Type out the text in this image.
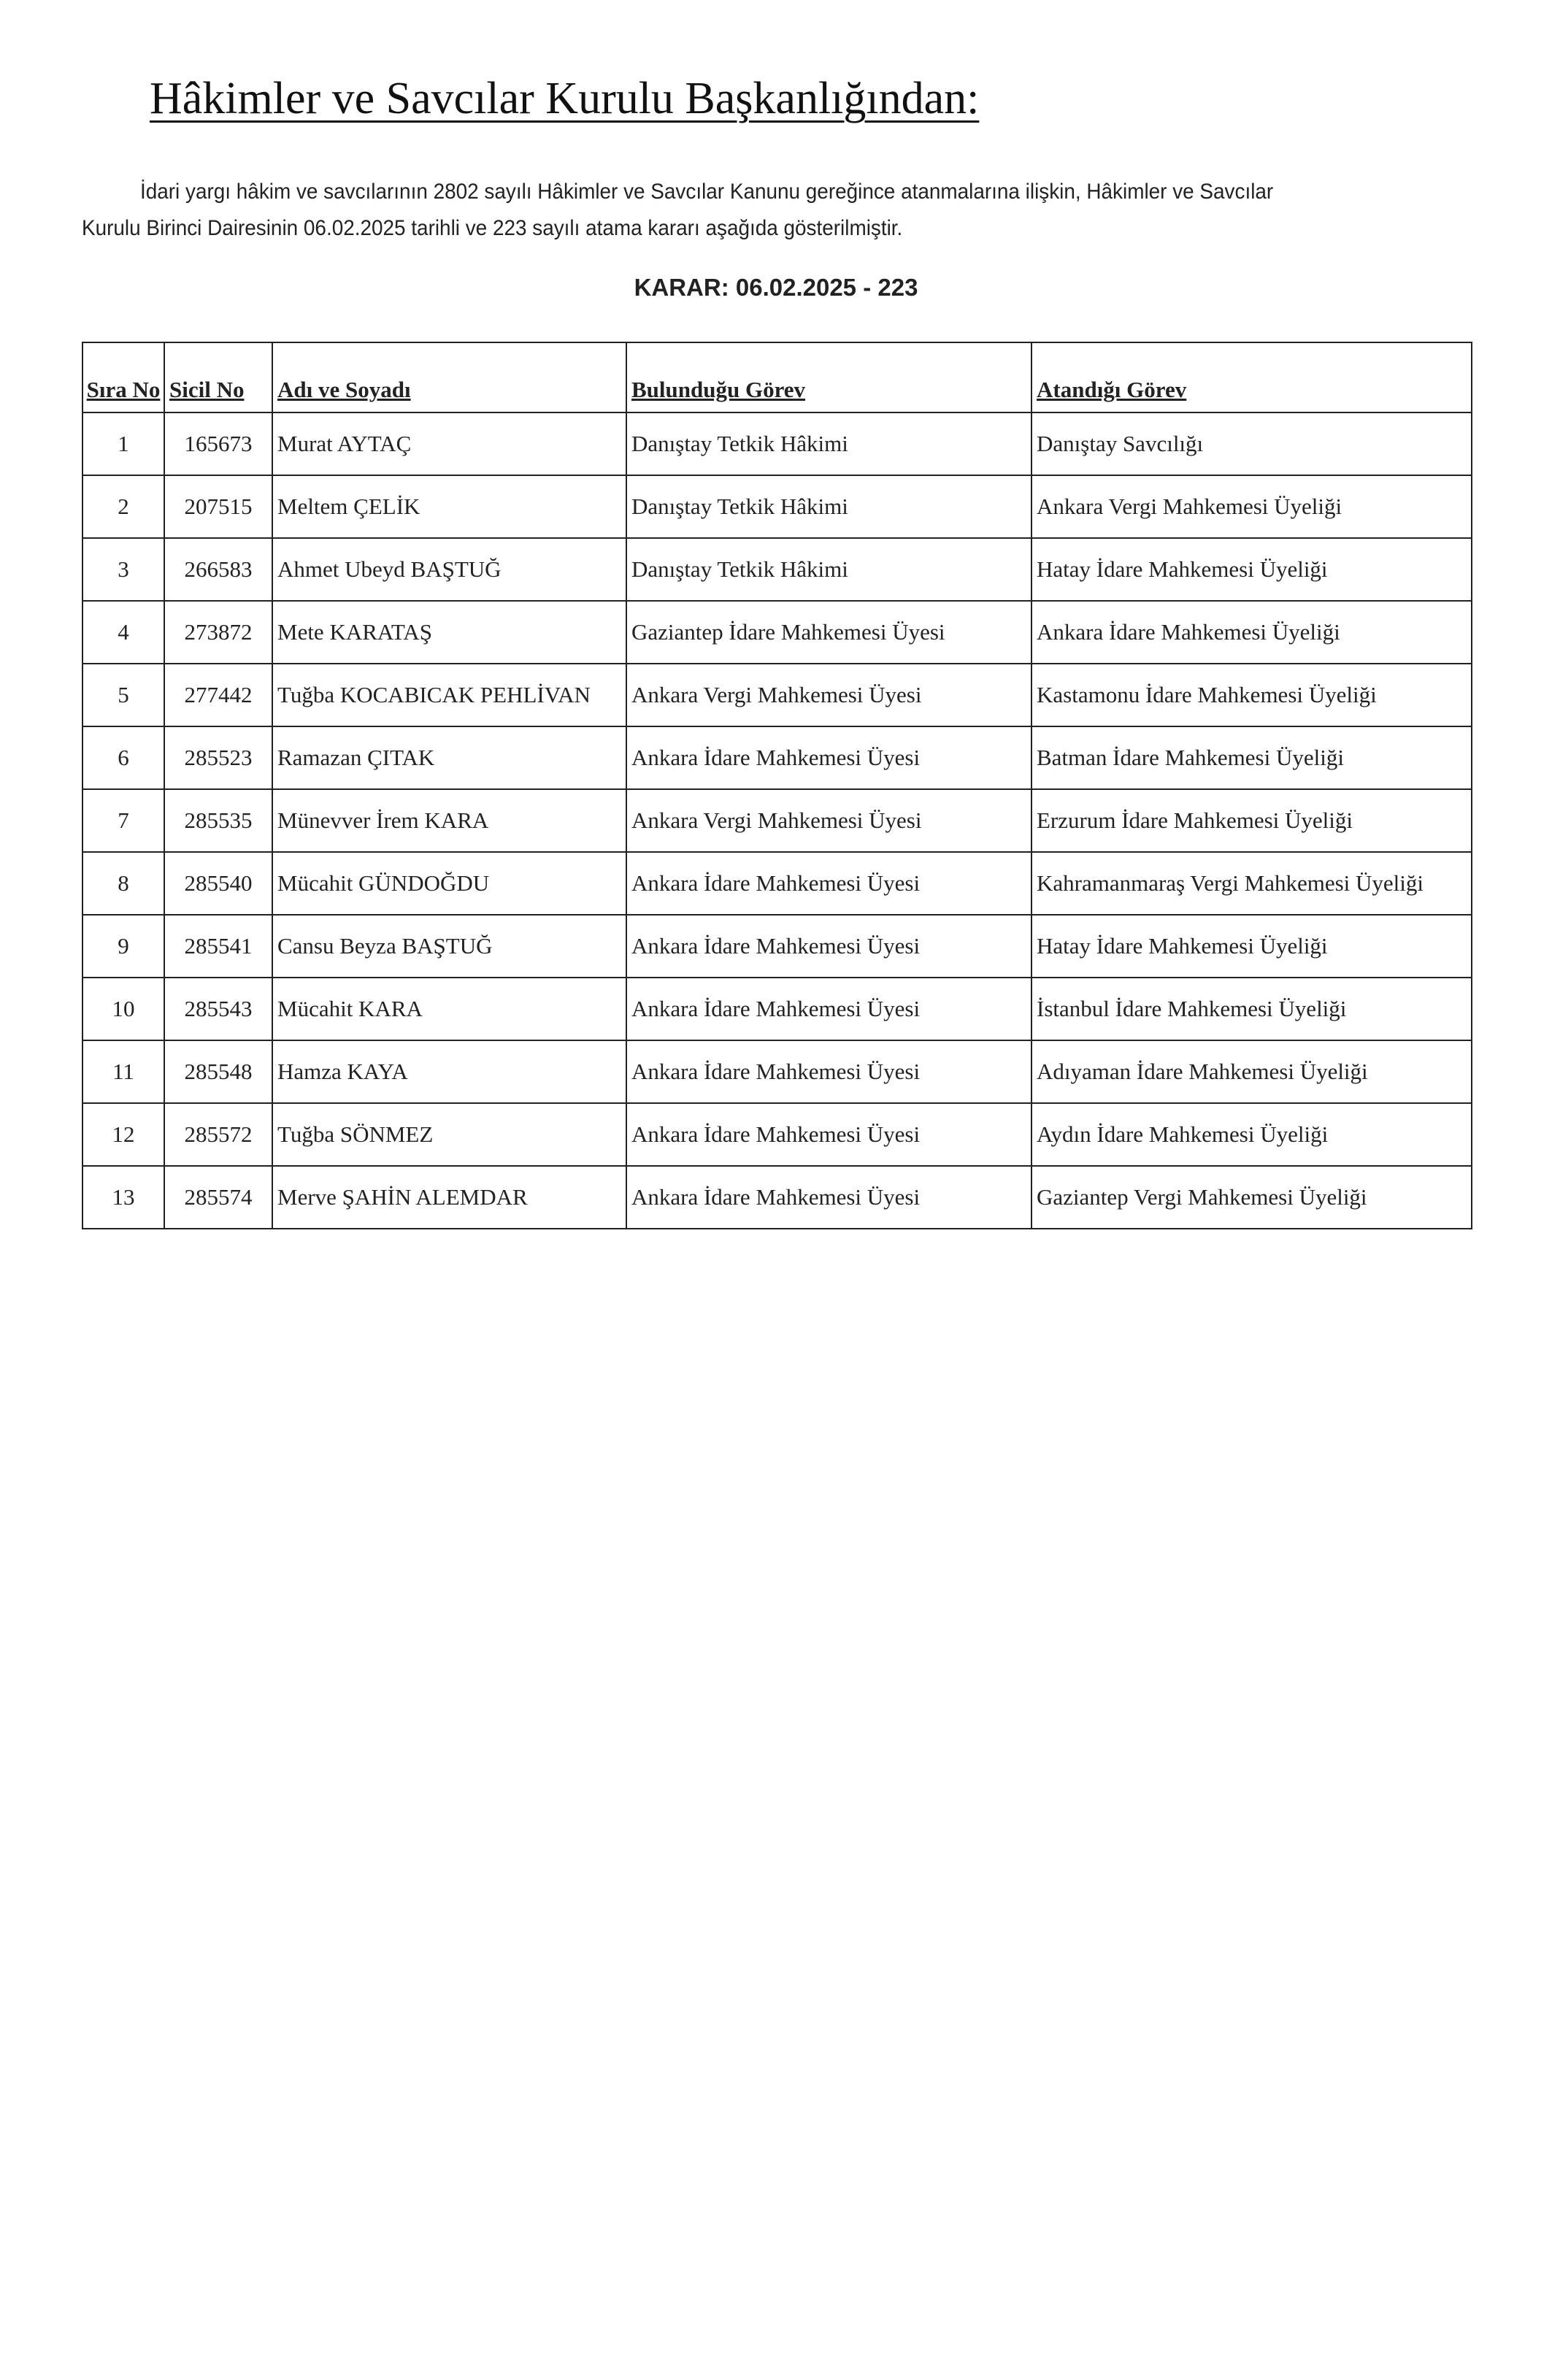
Hâkimler ve Savcılar Kurulu Başkanlığından:
İdari yargı hâkim ve savcılarının 2802 sayılı Hâkimler ve Savcılar Kanunu gereğince atanmalarına ilişkin, Hâkimler ve Savcılar
Kurulu Birinci Dairesinin 06.02.2025 tarihli ve 223 sayılı atama kararı aşağıda gösterilmiştir.
KARAR: 06.02.2025 - 223
Sıra No	Sicil No	Adı ve Soyadı	Bulunduğu Görev	Atandığı Görev
1	165673	Murat AYTAÇ	Danıştay Tetkik Hâkimi	Danıştay Savcılığı
2	207515	Meltem ÇELİK	Danıştay Tetkik Hâkimi	Ankara Vergi Mahkemesi Üyeliği
3	266583	Ahmet Ubeyd BAŞTUĞ	Danıştay Tetkik Hâkimi	Hatay İdare Mahkemesi Üyeliği
4	273872	Mete KARATAŞ	Gaziantep İdare Mahkemesi Üyesi	Ankara İdare Mahkemesi Üyeliği
5	277442	Tuğba KOCABICAK PEHLİVAN	Ankara Vergi Mahkemesi Üyesi	Kastamonu İdare Mahkemesi Üyeliği
6	285523	Ramazan ÇITAK	Ankara İdare Mahkemesi Üyesi	Batman İdare Mahkemesi Üyeliği
7	285535	Münevver İrem KARA	Ankara Vergi Mahkemesi Üyesi	Erzurum İdare Mahkemesi Üyeliği
8	285540	Mücahit GÜNDOĞDU	Ankara İdare Mahkemesi Üyesi	Kahramanmaraş Vergi Mahkemesi Üyeliği
9	285541	Cansu Beyza BAŞTUĞ	Ankara İdare Mahkemesi Üyesi	Hatay İdare Mahkemesi Üyeliği
10	285543	Mücahit KARA	Ankara İdare Mahkemesi Üyesi	İstanbul İdare Mahkemesi Üyeliği
11	285548	Hamza KAYA	Ankara İdare Mahkemesi Üyesi	Adıyaman İdare Mahkemesi Üyeliği
12	285572	Tuğba SÖNMEZ	Ankara İdare Mahkemesi Üyesi	Aydın İdare Mahkemesi Üyeliği
13	285574	Merve ŞAHİN ALEMDAR	Ankara İdare Mahkemesi Üyesi	Gaziantep Vergi Mahkemesi Üyeliği
